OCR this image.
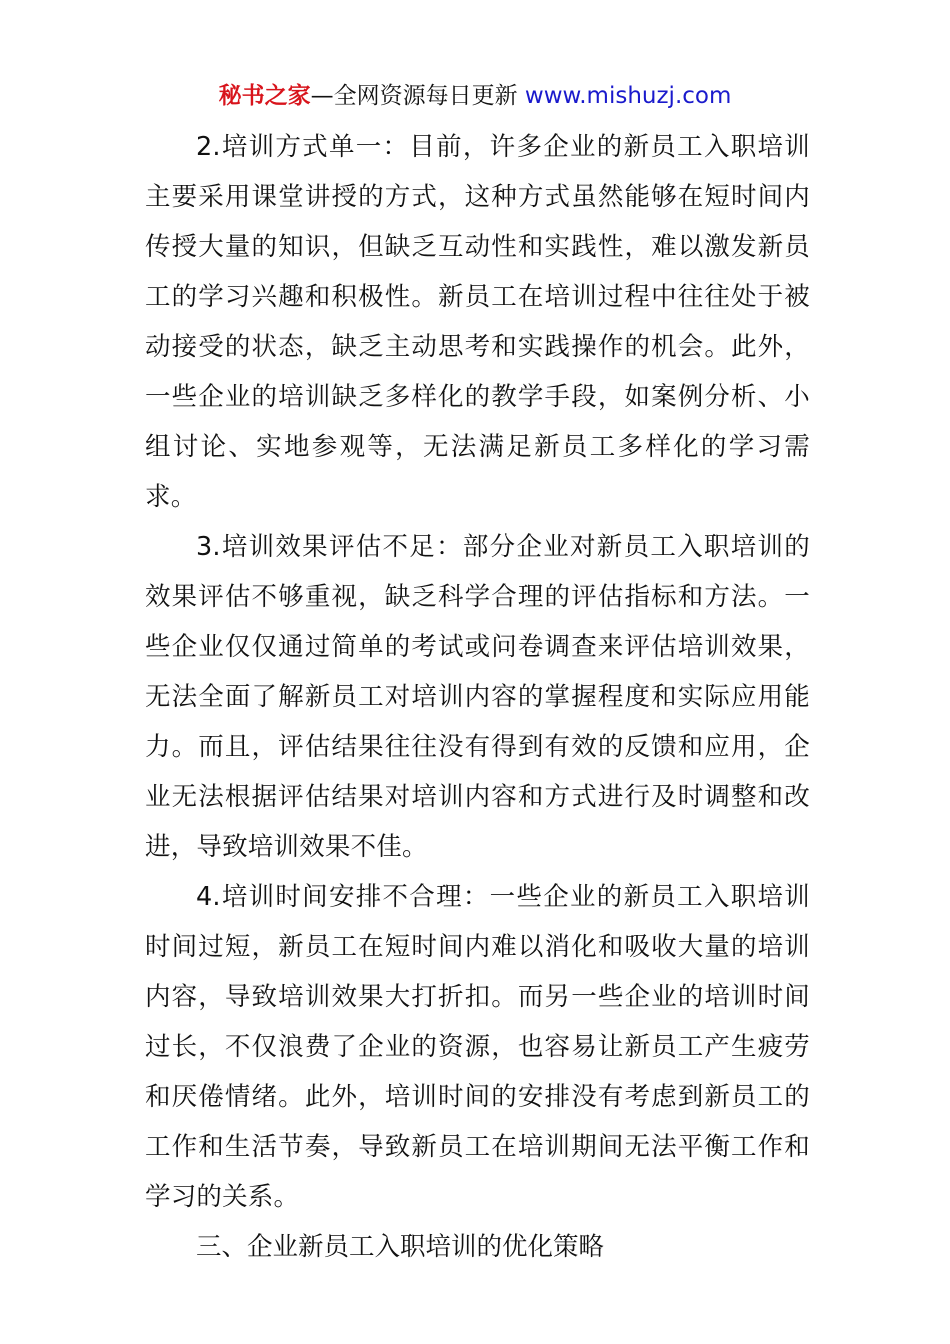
秘书之家—全网资源每日更新 www.mishuzj.com

2.培训方式单一：目前，许多企业的新员工入职培训主要采用课堂讲授的方式，这种方式虽然能够在短时间内传授大量的知识，但缺乏互动性和实践性，难以激发新员工的学习兴趣和积极性。新员工在培训过程中往往处于被动接受的状态，缺乏主动思考和实践操作的机会。此外，一些企业的培训缺乏多样化的教学手段，如案例分析、小组讨论、实地参观等，无法满足新员工多样化的学习需求。

3.培训效果评估不足：部分企业对新员工入职培训的效果评估不够重视，缺乏科学合理的评估指标和方法。一些企业仅仅通过简单的考试或问卷调查来评估培训效果，无法全面了解新员工对培训内容的掌握程度和实际应用能力。而且，评估结果往往没有得到有效的反馈和应用，企业无法根据评估结果对培训内容和方式进行及时调整和改进，导致培训效果不佳。

4.培训时间安排不合理：一些企业的新员工入职培训时间过短，新员工在短时间内难以消化和吸收大量的培训内容，导致培训效果大打折扣。而另一些企业的培训时间过长，不仅浪费了企业的资源，也容易让新员工产生疲劳和厌倦情绪。此外，培训时间的安排没有考虑到新员工的工作和生活节奏，导致新员工在培训期间无法平衡工作和学习的关系。

三、企业新员工入职培训的优化策略
